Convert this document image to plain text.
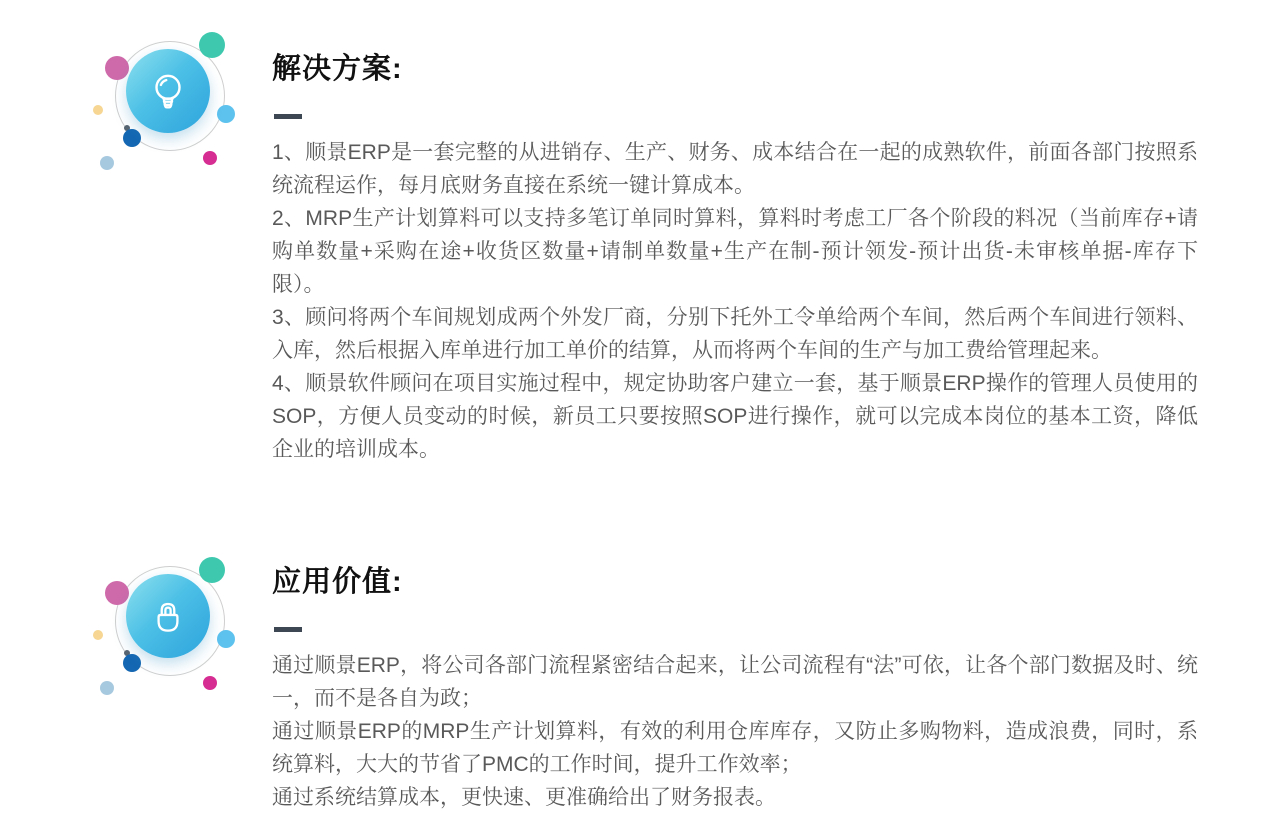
解决方案:

1、顺景ERP是一套完整的从进销存、生产、财务、成本结合在一起的成熟软件，前面各部门按照系统流程运作，每月底财务直接在系统一键计算成本。

2、MRP生产计划算料可以支持多笔订单同时算料，算料时考虑工厂各个阶段的料况（当前库存+请购单数量+采购在途+收货区数量+请制单数量+生产在制-预计领发-预计出货-未审核单据-库存下限）。

3、顾问将两个车间规划成两个外发厂商，分别下托外工令单给两个车间，然后两个车间进行领料、入库，然后根据入库单进行加工单价的结算，从而将两个车间的生产与加工费给管理起来。

4、顺景软件顾问在项目实施过程中，规定协助客户建立一套，基于顺景ERP操作的管理人员使用的SOP，方便人员变动的时候，新员工只要按照SOP进行操作，就可以完成本岗位的基本工资，降低企业的培训成本。

应用价值:

通过顺景ERP，将公司各部门流程紧密结合起来，让公司流程有“法”可依，让各个部门数据及时、统一，而不是各自为政；

通过顺景ERP的MRP生产计划算料，有效的利用仓库库存，又防止多购物料，造成浪费，同时，系统算料，大大的节省了PMC的工作时间，提升工作效率；

通过系统结算成本，更快速、更准确给出了财务报表。
